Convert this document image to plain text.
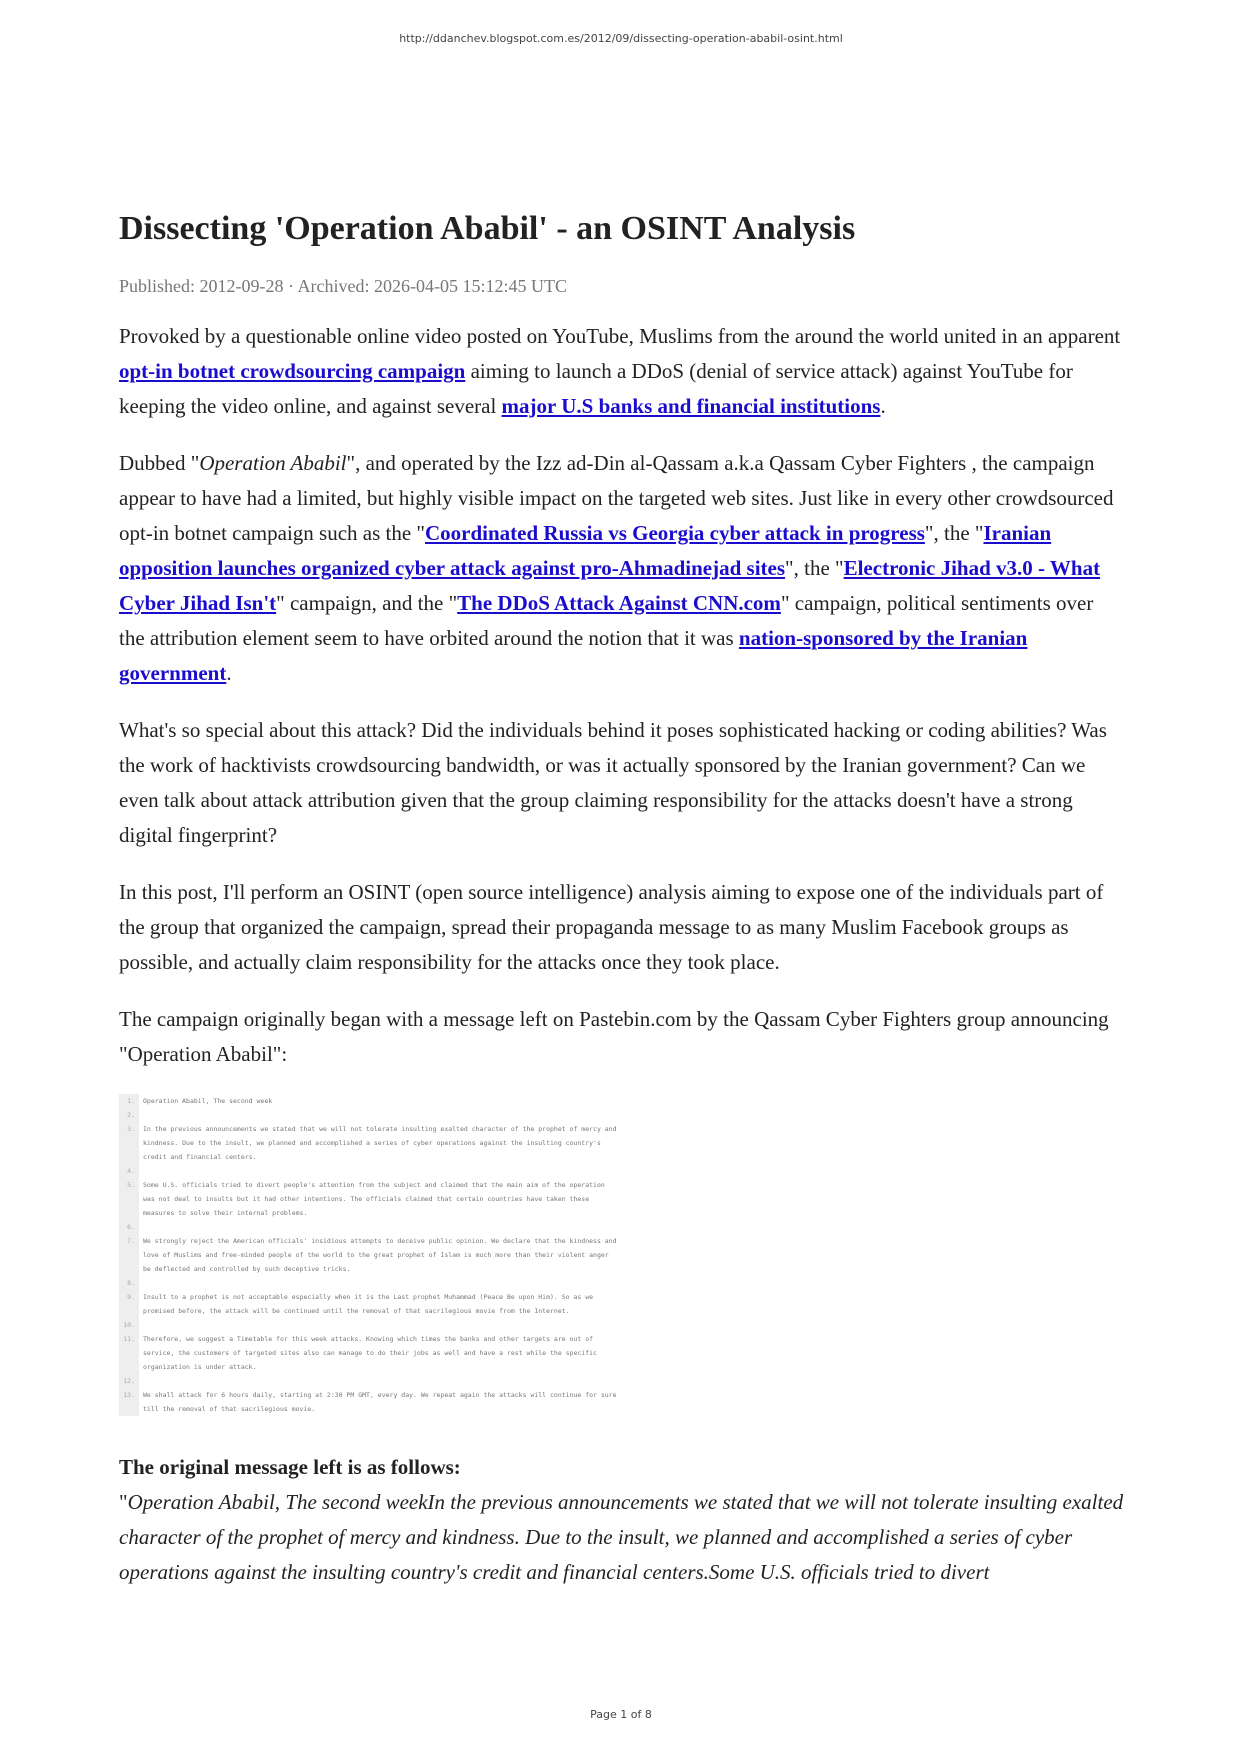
http://ddanchev.blogspot.com.es/2012/09/dissecting-operation-ababil-osint.html
Dissecting 'Operation Ababil' - an OSINT Analysis
Published: 2012-09-28 · Archived: 2026-04-05 15:12:45 UTC

Provoked by a questionable online video posted on YouTube, Muslims from the around the world united in an apparent opt-in botnet crowdsourcing campaign aiming to launch a DDoS (denial of service attack) against YouTube for keeping the video online, and against several major U.S banks and financial institutions.

Dubbed "Operation Ababil", and operated by the Izz ad-Din al-Qassam a.k.a Qassam Cyber Fighters , the campaign appear to have had a limited, but highly visible impact on the targeted web sites. Just like in every other crowdsourced opt-in botnet campaign such as the "Coordinated Russia vs Georgia cyber attack in progress", the "Iranian opposition launches organized cyber attack against pro-Ahmadinejad sites", the "Electronic Jihad v3.0 - What Cyber Jihad Isn't" campaign, and the "The DDoS Attack Against CNN.com" campaign, political sentiments over the attribution element seem to have orbited around the notion that it was nation-sponsored by the Iranian government.

What's so special about this attack? Did the individuals behind it poses sophisticated hacking or coding abilities? Was the work of hacktivists crowdsourcing bandwidth, or was it actually sponsored by the Iranian government? Can we even talk about attack attribution given that the group claiming responsibility for the attacks doesn't have a strong digital fingerprint?

In this post, I'll perform an OSINT (open source intelligence) analysis aiming to expose one of the individuals part of the group that organized the campaign, spread their propaganda message to as many Muslim Facebook groups as possible, and actually claim responsibility for the attacks once they took place.

The campaign originally began with a message left on Pastebin.com by the Qassam Cyber Fighters group announcing "Operation Ababil":

1.	Operation Ababil, The second week
2.
3.	In the previous announcements we stated that we will not tolerate insulting exalted character of the prophet of mercy and kindness. Due to the insult, we planned and accomplished a series of cyber operations against the insulting country's credit and financial centers.
4.
5.	Some U.S. officials tried to divert people's attention from the subject and claimed that the main aim of the operation was not deal to insults but it had other intentions. The officials claimed that certain countries have taken these measures to solve their internal problems.
6.
7.	We strongly reject the American officials' insidious attempts to deceive public opinion. We declare that the kindness and love of Muslims and free-minded people of the world to the great prophet of Islam is much more than their violent anger be deflected and controlled by such deceptive tricks.
8.
9.	Insult to a prophet is not acceptable especially when it is the Last prophet Muhammad (Peace Be upon Him). So as we promised before, the attack will be continued until the removal of that sacrilegious movie from the Internet.
10.
11.	Therefore, we suggest a Timetable for this week attacks. Knowing which times the banks and other targets are out of service, the customers of targeted sites also can manage to do their jobs as well and have a rest while the specific organization is under attack.
12.
13.	We shall attack for 6 hours daily, starting at 2:30 PM GMT, every day. We repeat again the attacks will continue for sure till the removal of that sacrilegious movie.
The original message left is as follows:

"Operation Ababil, The second weekIn the previous announcements we stated that we will not tolerate insulting exalted character of the prophet of mercy and kindness. Due to the insult, we planned and accomplished a series of cyber operations against the insulting country's credit and financial centers.Some U.S. officials tried to divert

Page 1 of 8
